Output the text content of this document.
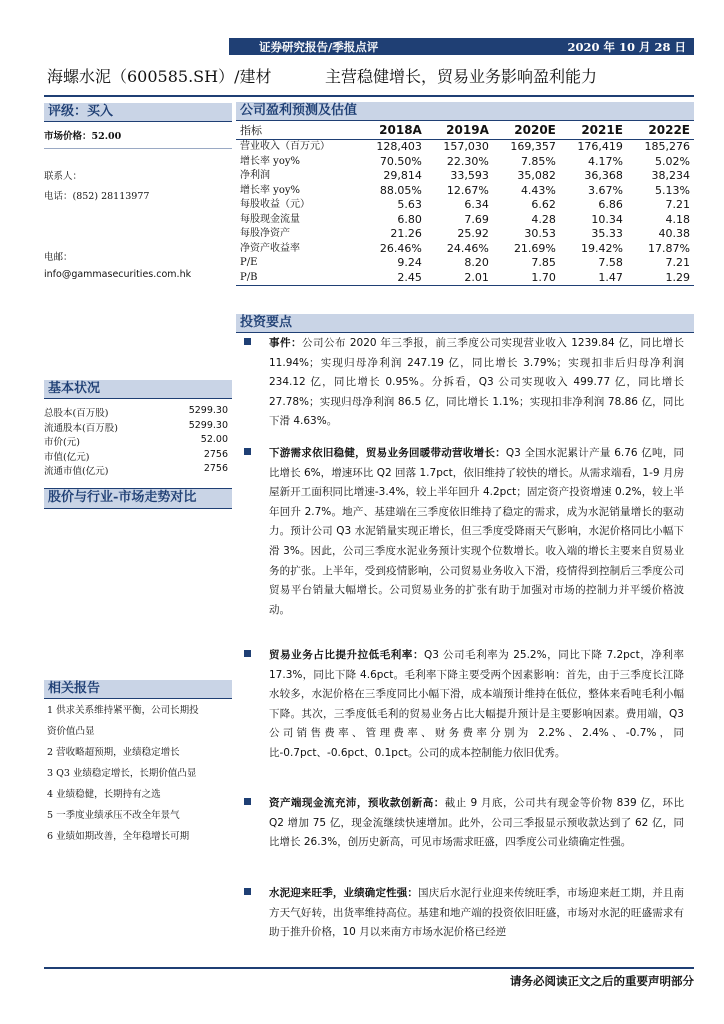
证券研究报告/季报点评	2020 年 10 月 28 日
海螺水泥（600585.SH）/建材	主营稳健增长，贸易业务影响盈利能力
评级：买入
市场价格：52.00
联系人：
电话：(852) 28113977
电邮：
info@gammasecurities.com.hk
基本状况
总股本(百万股)	5299.30
流通股本(百万股)	5299.30
市价(元)	52.00
市值(亿元)	2756
流通市值(亿元)	2756
股价与行业-市场走势对比
相关报告
1 供求关系维持紧平衡，公司长期投
资价值凸显
2 营收略超预期，业绩稳定增长
3 Q3 业绩稳定增长，长期价值凸显
4 业绩稳健，长期持有之选
5 一季度业绩承压不改全年景气
6 业绩如期改善，全年稳增长可期
公司盈利预测及估值
指标	2018A	2019A	2020E	2021E	2022E
营业收入（百万元）	128,403	157,030	169,357	176,419	185,276
增长率 yoy%	70.50%	22.30%	7.85%	4.17%	5.02%
净利润	29,814	33,593	35,082	36,368	38,234
增长率 yoy%	88.05%	12.67%	4.43%	3.67%	5.13%
每股收益（元）	5.63	6.34	6.62	6.86	7.21
每股现金流量	6.80	7.69	4.28	10.34	4.18
每股净资产	21.26	25.92	30.53	35.33	40.38
净资产收益率	26.46%	24.46%	21.69%	19.42%	17.87%
P/E	9.24	8.20	7.85	7.58	7.21
P/B	2.45	2.01	1.70	1.47	1.29
投资要点
事件：公司公布 2020 年三季报，前三季度公司实现营业收入 1239.84 亿，同比增长 11.94%；实现归母净利润 247.19 亿，同比增长 3.79%；实现扣非后归母净利润 234.12 亿，同比增长 0.95%。分拆看，Q3 公司实现收入 499.77 亿，同比增长 27.78%；实现归母净利润 86.5 亿，同比增长 1.1%；实现扣非净利润 78.86 亿，同比下滑 4.63%。
下游需求依旧稳健，贸易业务回暖带动营收增长：Q3 全国水泥累计产量 6.76 亿吨，同比增长 6%，增速环比 Q2 回落 1.7pct，依旧维持了较快的增长。从需求端看，1-9 月房屋新开工面积同比增速-3.4%，较上半年回升 4.2pct；固定资产投资增速 0.2%，较上半年回升 2.7%。地产、基建端在三季度依旧维持了稳定的需求，成为水泥销量增长的驱动力。预计公司 Q3 水泥销量实现正增长，但三季度受降雨天气影响，水泥价格同比小幅下滑 3%。因此，公司三季度水泥业务预计实现个位数增长。收入端的增长主要来自贸易业务的扩张。上半年，受到疫情影响，公司贸易业务收入下滑，疫情得到控制后三季度公司贸易平台销量大幅增长。公司贸易业务的扩张有助于加强对市场的控制力并平缓价格波动。
贸易业务占比提升拉低毛利率：Q3 公司毛利率为 25.2%，同比下降 7.2pct，净利率 17.3%，同比下降 4.6pct。毛利率下降主要受两个因素影响：首先，由于三季度长江降水较多，水泥价格在三季度同比小幅下滑，成本端预计维持在低位，整体来看吨毛利小幅下降。其次，三季度低毛利的贸易业务占比大幅提升预计是主要影响因素。费用端，Q3 公司销售费率、管理费率、财务费率分别为 2.2%、2.4%、-0.7%，同比-0.7pct、-0.6pct、0.1pct。公司的成本控制能力依旧优秀。
资产端现金流充沛，预收款创新高：截止 9 月底，公司共有现金等价物 839 亿，环比 Q2 增加 75 亿，现金流继续快速增加。此外，公司三季报显示预收款达到了 62 亿，同比增长 26.3%，创历史新高，可见市场需求旺盛，四季度公司业绩确定性强。
水泥迎来旺季，业绩确定性强：国庆后水泥行业迎来传统旺季，市场迎来赶工期，并且南方天气好转，出货率维持高位。基建和地产端的投资依旧旺盛，市场对水泥的旺盛需求有助于推升价格，10 月以来南方市场水泥价格已经逆
请务必阅读正文之后的重要声明部分
